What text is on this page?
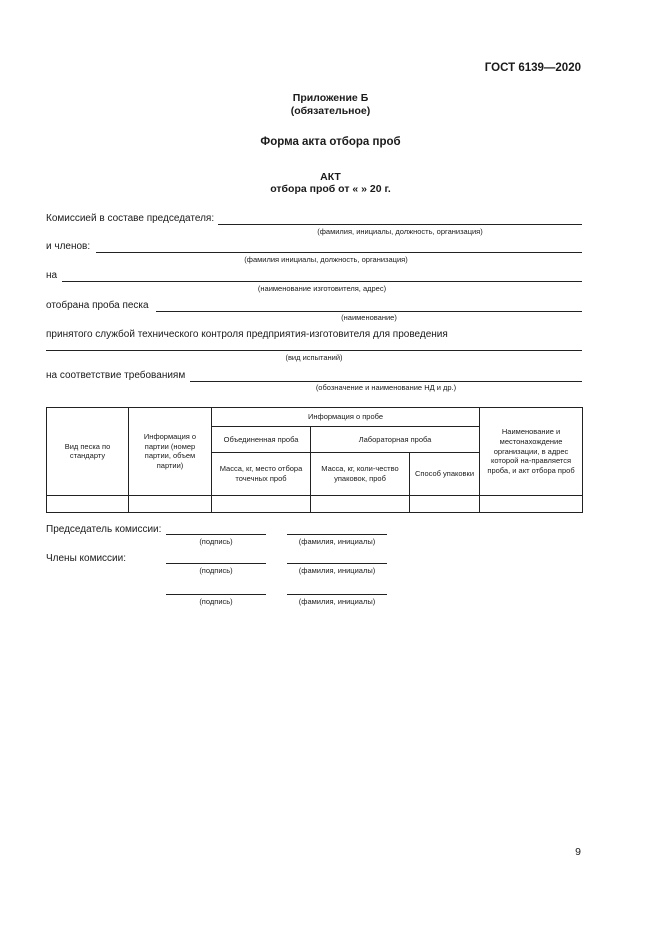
ГОСТ 6139—2020
Приложение Б
(обязательное)
Форма акта отбора проб
АКТ
отбора проб от « » 20 г.
Комиссией в составе председателя:
(фамилия, инициалы, должность, организация)
и членов:
(фамилия инициалы, должность, организация)
на
(наименование изготовителя, адрес)
отобрана проба песка
(наименование)
принятого службой технического контроля предприятия-изготовителя для проведения
(вид испытаний)
на соответствие требованиям
(обозначение и наименование НД и др.)
Вид песка по стандарту	Информация о партии (номер партии, объем партии)	Информация о пробе			Наименование и местонахождение организации, в адрес которой на-правляется проба, и акт отбора проб
		Объединенная проба	Лабораторная проба		
		Масса, кг, место отбора точечных проб	Масса, кг, коли-чество упаковок, проб	Способ упаковки	

Председатель комиссии:
(подпись)	(фамилия, инициалы)
Члены комиссии:
(подпись)	(фамилия, инициалы)
(подпись)	(фамилия, инициалы)
9
